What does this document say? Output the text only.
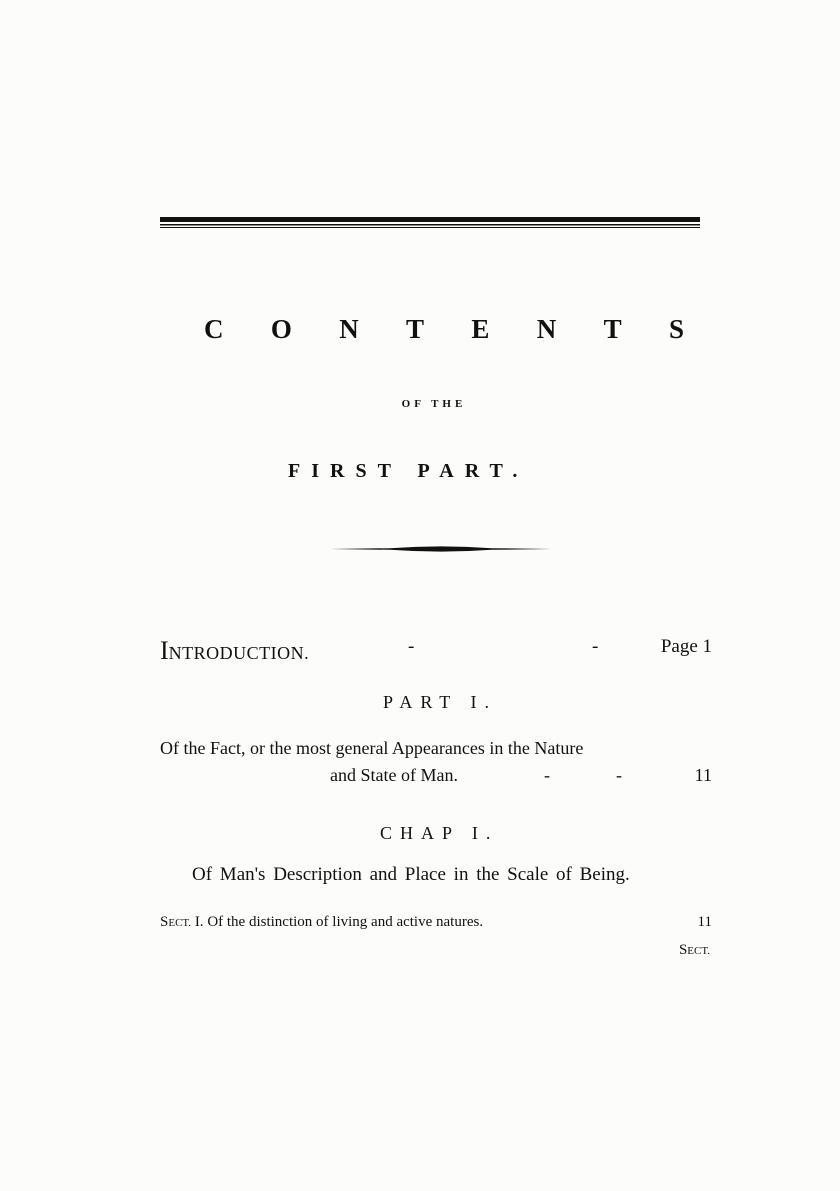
C O N T E N T S
OF THE
FIRST PART.
INTRODUCTION.	-	-	Page 1
PART I.
Of the Fact, or the most general Appearances in the Nature
and State of Man.	-	-	11
CHAP I.
Of Man's Description and Place in the Scale of Being.
SECT. I. Of the distinction of living and active natures.	11
SECT.
